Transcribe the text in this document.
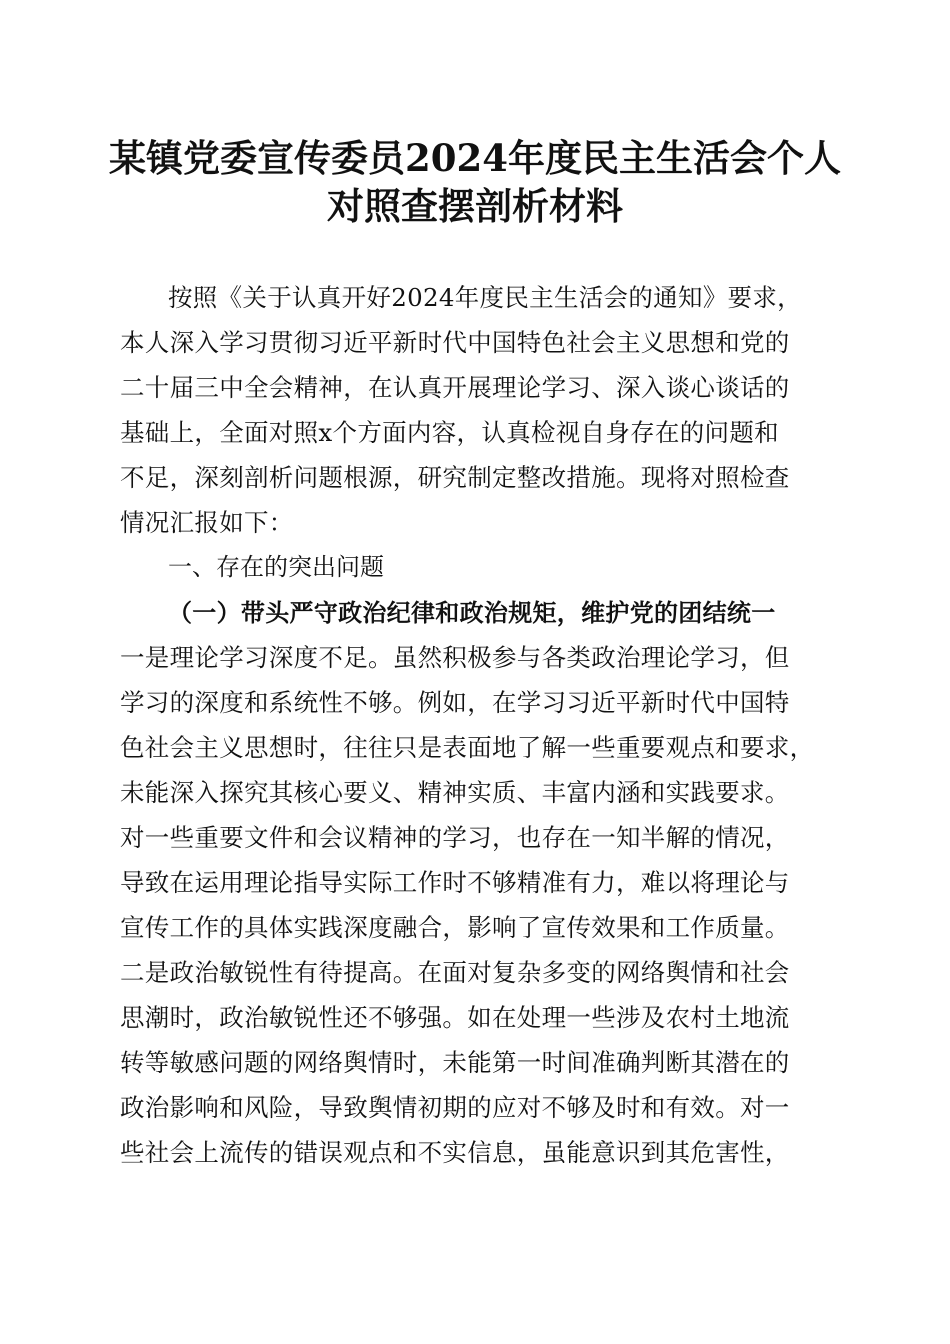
某镇党委宣传委员2024年度民主生活会个人
对照查摆剖析材料
按照《关于认真开好2024年度民主生活会的通知》要求，
本人深入学习贯彻习近平新时代中国特色社会主义思想和党的
二十届三中全会精神，在认真开展理论学习、深入谈心谈话的
基础上，全面对照x个方面内容，认真检视自身存在的问题和
不足，深刻剖析问题根源，研究制定整改措施。现将对照检查
情况汇报如下：
一、存在的突出问题
（一）带头严守政治纪律和政治规矩，维护党的团结统一
一是理论学习深度不足。虽然积极参与各类政治理论学习，但
学习的深度和系统性不够。例如，在学习习近平新时代中国特
色社会主义思想时，往往只是表面地了解一些重要观点和要求，
未能深入探究其核心要义、精神实质、丰富内涵和实践要求。
对一些重要文件和会议精神的学习，也存在一知半解的情况，
导致在运用理论指导实际工作时不够精准有力，难以将理论与
宣传工作的具体实践深度融合，影响了宣传效果和工作质量。
二是政治敏锐性有待提高。在面对复杂多变的网络舆情和社会
思潮时，政治敏锐性还不够强。如在处理一些涉及农村土地流
转等敏感问题的网络舆情时，未能第一时间准确判断其潜在的
政治影响和风险，导致舆情初期的应对不够及时和有效。对一
些社会上流传的错误观点和不实信息，虽能意识到其危害性，
